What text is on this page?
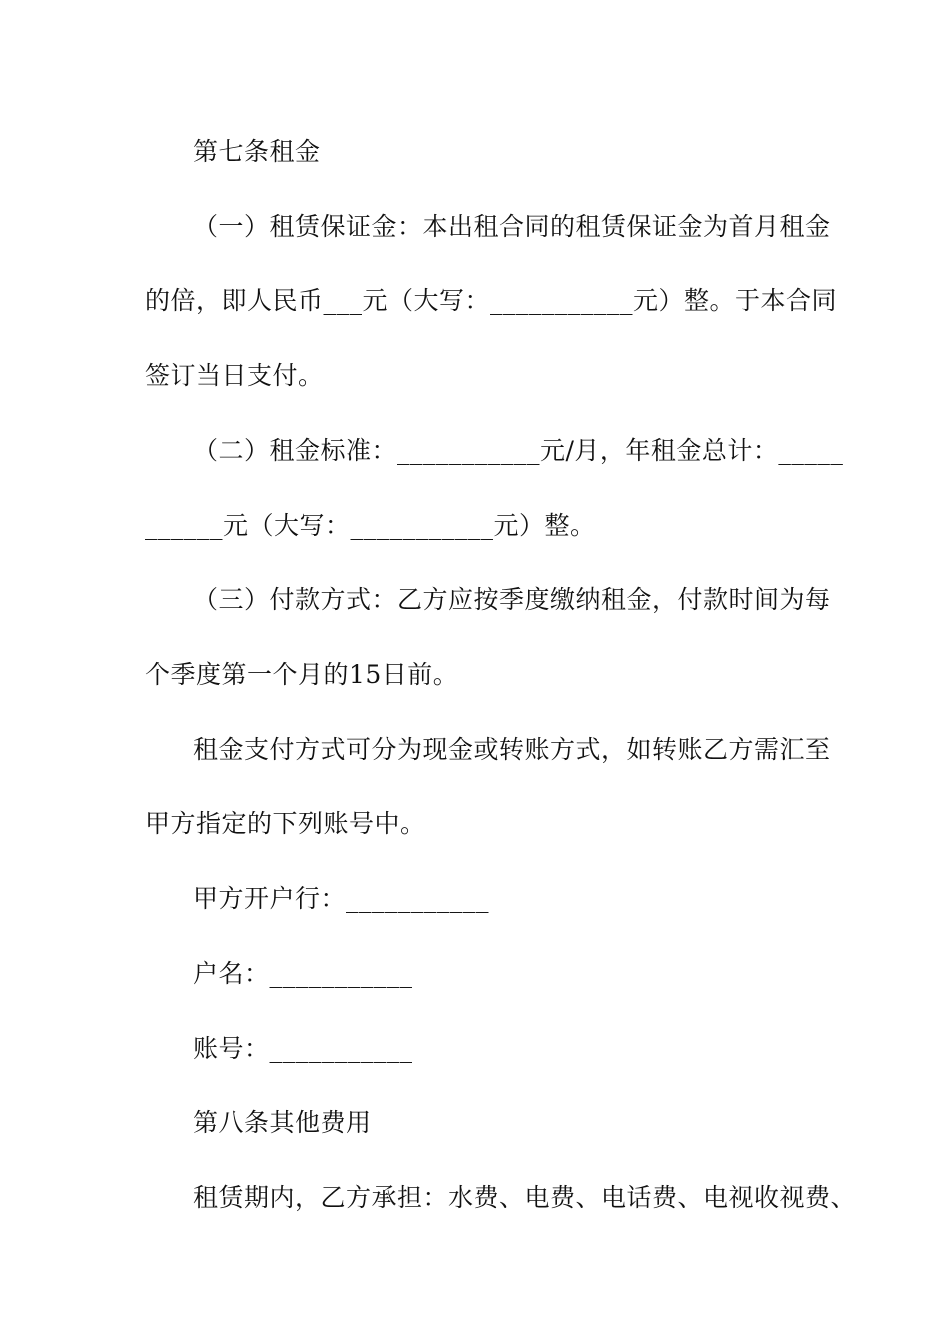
第七条租金
（一）租赁保证金：本出租合同的租赁保证金为首月租金
的倍，即人民币___元（大写：___________元）整。于本合同
签订当日支付。
（二）租金标准：___________元/月，年租金总计：_____
______元（大写：___________元）整。
（三）付款方式：乙方应按季度缴纳租金，付款时间为每
个季度第一个月的15日前。
租金支付方式可分为现金或转账方式，如转账乙方需汇至
甲方指定的下列账号中。
甲方开户行：___________
户名：___________
账号：___________
第八条其他费用
租赁期内，乙方承担：水费、电费、电话费、电视收视费、
